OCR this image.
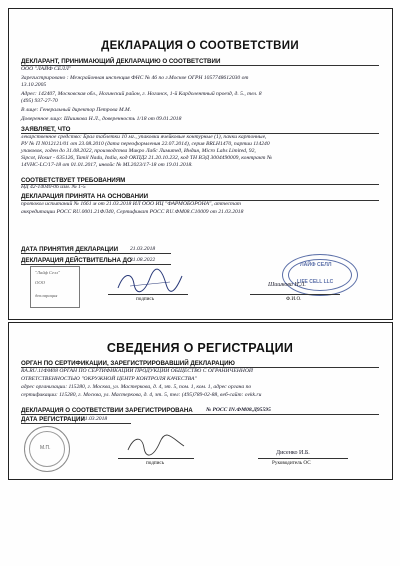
ДЕКЛАРАЦИЯ О СООТВЕТСТВИИ
ДЕКЛАРАНТ, ПРИНИМАЮЩИЙ ДЕКЛАРАЦИЮ О СООТВЕТСТВИИ
ООО "ЛАЙФ СЕЛЛ"
Зарегистрировано : Межрайонная инспекция ФНС № 46 по г.Москве ОГРН 1057748612030 от
13.10.2005
Адрес: 142407, Московская обл., Ногинский район, г. Ногинск, 1-й Кардолентный проезд, д. 5., тел. 8
(495) 937-27-70
В лице: Генеральный директор Петрова М.М.
Доверенное лицо: Шишкова Н.Л., доверенность 1/18 от 09.01.2018
ЗАЯВЛЯЕТ, ЧТО
лекарственное средство: Брал таблетки 10 мг., упаковки ячейковые контурные (1), пачки картонные,
РУ № П N012121/01 от 23.08.2010 (дата переоформления 22.07.2014), серия BRLH1470, партии 114240
упаковок, годен до 31.08.2022, производства Микро Лабс Лимитед, Индия, Micro Labs Limited, 92,
Sipcot, Hosur - 635126, Tamil Nadu, India, код ОКПД2 21.20.10.232, код ТН ВЭД 3004490009, контракт №
14VHC-LC/17-18 от 01.01.2017, инвойс № MI.2023/17-18 от 19.01.2018.
СООТВЕТСТВУЕТ ТРЕБОВАНИЯМ
НД 42-14040-06 изм. № 1-5
ДЕКЛАРАЦИЯ ПРИНЯТА НА ОСНОВАНИИ
протокол испытаний № 1661 м от 21.03.2018 ИЛ ООО ИЦ "ФАРМОБОРОНА", аттестат
аккредитации РОСС RU.0001.21ФЛ40, Сертификат РОСС RU.ФМ08.С10009 от 21.03.2018
ДАТА ПРИНЯТИЯ ДЕКЛАРАЦИИ 21.03.2018
ДЕКЛАРАЦИЯ ДЕЙСТВИТЕЛЬНА ДО
31.08.2022
"Лайф Селл"
ООО
декларация
подпись
ЛАЙФ СЕЛЛ
LIFE CELL LLC
Шишкова Н.Л.
Ф.И.О.
СВЕДЕНИЯ О РЕГИСТРАЦИИ
ОРГАН ПО СЕРТИФИКАЦИИ, ЗАРЕГИСТРИРОВАВШИЙ ДЕКЛАРАЦИЮ
RA.RU.11ФМ08 ОРГАН ПО СЕРТИФИКАЦИИ ПРОДУКЦИИ ОБЩЕСТВО С ОГРАНИЧЕННОЙ
ОТВЕТСТВЕННОСТЬЮ "ОКРУЖНОЙ ЦЕНТР КОНТРОЛЯ КАЧЕСТВА"
адрес организации: 115280, г. Москва, ул. Мастеркова, д. 4, эт. 5, пом. 1, ком. 1, адрес органа по
сертификации: 115280, г. Москва, ул. Мастеркова, д. 4, эт. 5, тел: (495)789-02-88, веб-сайт: ovkk.ru
ДЕКЛАРАЦИЯ О СООТВЕТСТВИИ ЗАРЕГИСТРИРОВАНА № РОСС IN.ФМ08.Д95595
ДАТА РЕГИСТРАЦИИ
21.03.2018
М.П.
подпись
Дисенко И.Б.
Руководитель ОС
